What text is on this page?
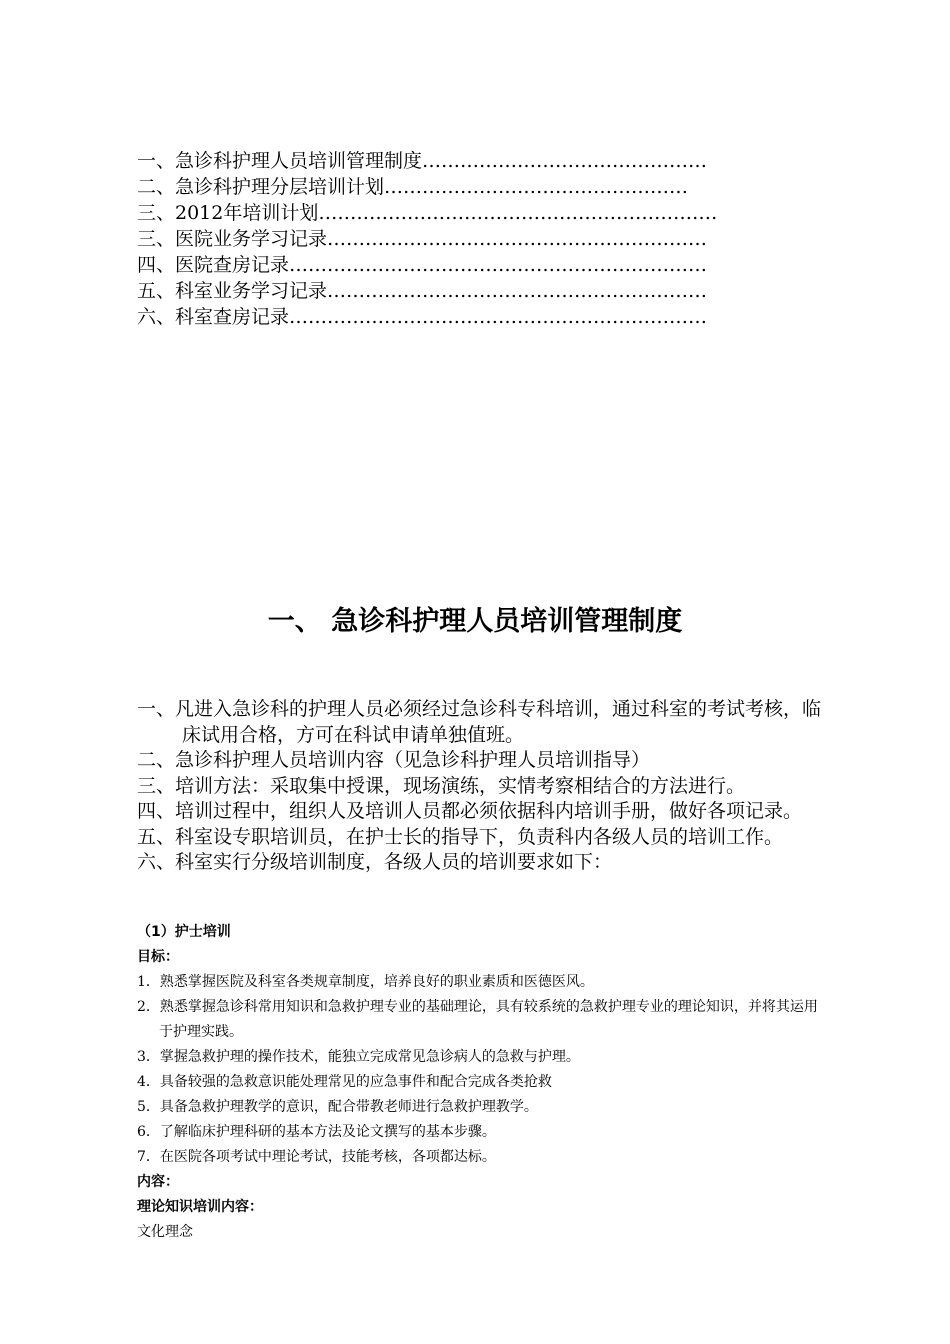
一、急诊科护理人员培训管理制度………………………………………
二、急诊科护理分层培训计划…………………………………………
三、2012年培训计划………………………………………………………
三、医院业务学习记录……………………………………………………
四、医院查房记录…………………………………………………………
五、科室业务学习记录……………………………………………………
六、科室查房记录…………………………………………………………
一、 急诊科护理人员培训管理制度
一、凡进入急诊科的护理人员必须经过急诊科专科培训，通过科室的考试考核，临床试用合格，方可在科试申请单独值班。
二、急诊科护理人员培训内容（见急诊科护理人员培训指导）
三、培训方法：采取集中授课，现场演练，实情考察相结合的方法进行。
四、培训过程中，组织人及培训人员都必须依据科内培训手册，做好各项记录。
五、科室设专职培训员，在护士长的指导下，负责科内各级人员的培训工作。
六、科室实行分级培训制度，各级人员的培训要求如下：
（1）护士培训
目标：
1．熟悉掌握医院及科室各类规章制度，培养良好的职业素质和医德医风。
2．熟悉掌握急诊科常用知识和急救护理专业的基础理论，具有较系统的急救护理专业的理论知识，并将其运用于护理实践。
3．掌握急救护理的操作技术，能独立完成常见急诊病人的急救与护理。
4．具备较强的急救意识能处理常见的应急事件和配合完成各类抢救
5．具备急救护理教学的意识，配合带教老师进行急救护理教学。
6．了解临床护理科研的基本方法及论文撰写的基本步骤。
7．在医院各项考试中理论考试，技能考核，各项都达标。
内容：
理论知识培训内容：
文化理念
